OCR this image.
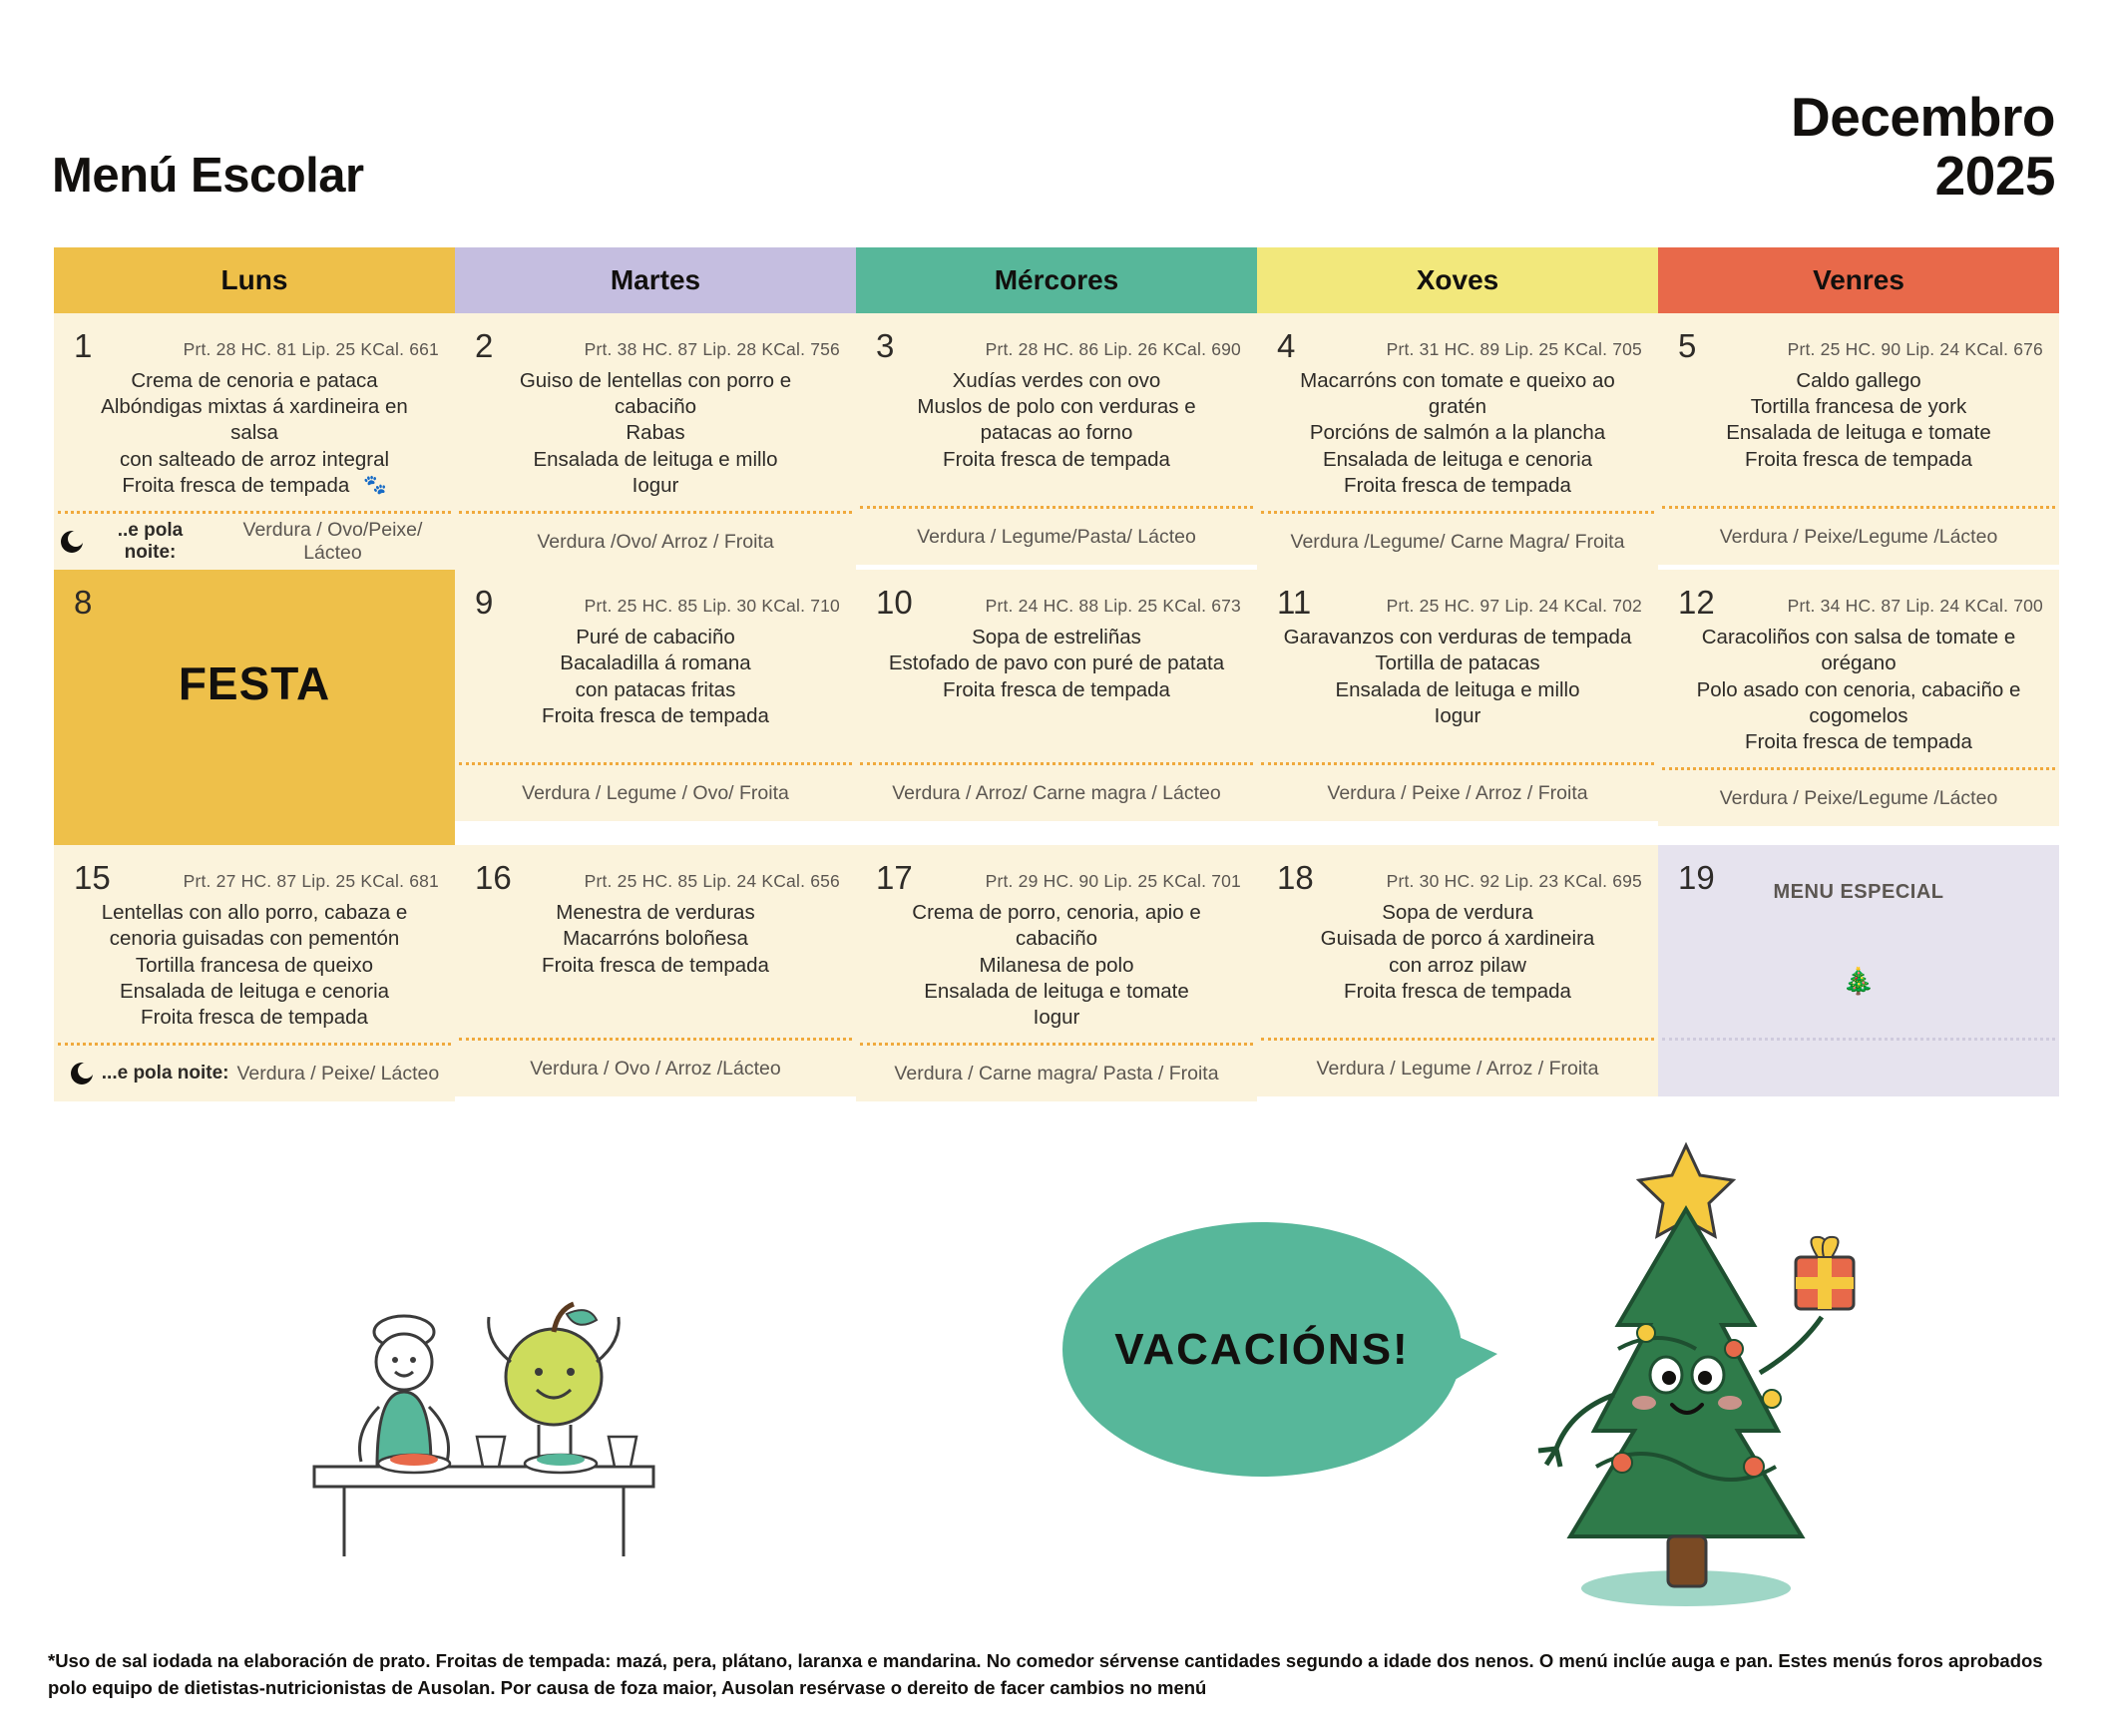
Menú Escolar
Decembro
2025
Luns	Martes	Mércores	Xoves	Venres
1	Prt. 28 HC. 81 Lip. 25 KCal. 661
Crema de cenoria e pataca
Albóndigas mixtas á xardineira en salsa
con salteado de arroz integral
Froita fresca de tempada 🐾
..e pola noite:
Verdura / Ovo/Peixe/ Lácteo
2	Prt. 38 HC. 87 Lip. 28 KCal. 756
Guiso de lentellas con porro e cabaciño
Rabas
Ensalada de leituga e millo
Iogur
Verdura /Ovo/ Arroz / Froita
3	Prt. 28 HC. 86 Lip. 26 KCal. 690
Xudías verdes con ovo
Muslos de polo con verduras e patacas ao forno
Froita fresca de tempada
Verdura / Legume/Pasta/ Lácteo
4	Prt. 31 HC. 89 Lip. 25 KCal. 705
Macarróns con tomate e queixo ao gratén
Porcións de salmón a la plancha
Ensalada de leituga e cenoria
Froita fresca de tempada
Verdura /Legume/ Carne Magra/ Froita
5	Prt. 25 HC. 90 Lip. 24 KCal. 676
Caldo gallego
Tortilla francesa de york
Ensalada de leituga e tomate
Froita fresca de tempada
Verdura / Peixe/Legume /Lácteo
8
FESTA
9	Prt. 25 HC. 85 Lip. 30 KCal. 710
Puré de cabaciño
Bacaladilla á romana
con patacas fritas
Froita fresca de tempada
Verdura / Legume / Ovo/ Froita
10	Prt. 24 HC. 88 Lip. 25 KCal. 673
Sopa de estreliñas
Estofado de pavo con puré de patata
Froita fresca de tempada
Verdura / Arroz/ Carne magra / Lácteo
11	Prt. 25 HC. 97 Lip. 24 KCal. 702
Garavanzos con verduras de tempada
Tortilla de patacas
Ensalada de leituga e millo
Iogur
Verdura / Peixe / Arroz / Froita
12	Prt. 34 HC. 87 Lip. 24 KCal. 700
Caracoliños con salsa de tomate e orégano
Polo asado con cenoria, cabaciño e cogomelos
Froita fresca de tempada
Verdura / Peixe/Legume /Lácteo
15	Prt. 27 HC. 87 Lip. 25 KCal. 681
Lentellas con allo porro, cabaza e cenoria guisadas con pementón
Tortilla francesa de queixo
Ensalada de leituga e cenoria
Froita fresca de tempada
...e pola noite: Verdura / Peixe/ Lácteo
16	Prt. 25 HC. 85 Lip. 24 KCal. 656
Menestra de verduras
Macarróns boloñesa
Froita fresca de tempada
Verdura / Ovo / Arroz /Lácteo
17	Prt. 29 HC. 90 Lip. 25 KCal. 701
Crema de porro, cenoria, apio e cabaciño
Milanesa de polo
Ensalada de leituga e tomate
Iogur
Verdura / Carne magra/ Pasta / Froita
18	Prt. 30 HC. 92 Lip. 23 KCal. 695
Sopa de verdura
Guisada de porco á xardineira
con arroz pilaw
Froita fresca de tempada
Verdura / Legume / Arroz / Froita
19	MENU ESPECIAL
🎄
VACACIÓNS!
*Uso de sal iodada na elaboración de prato. Froitas de tempada: mazá, pera, plátano, laranxa e mandarina. No comedor sérvense cantidades segundo a idade dos nenos. O menú inclúe auga e pan. Estes menús foros aprobados polo equipo de dietistas-nutricionistas de Ausolan. Por causa de foza maior, Ausolan resérvase o dereito de facer cambios no menú
